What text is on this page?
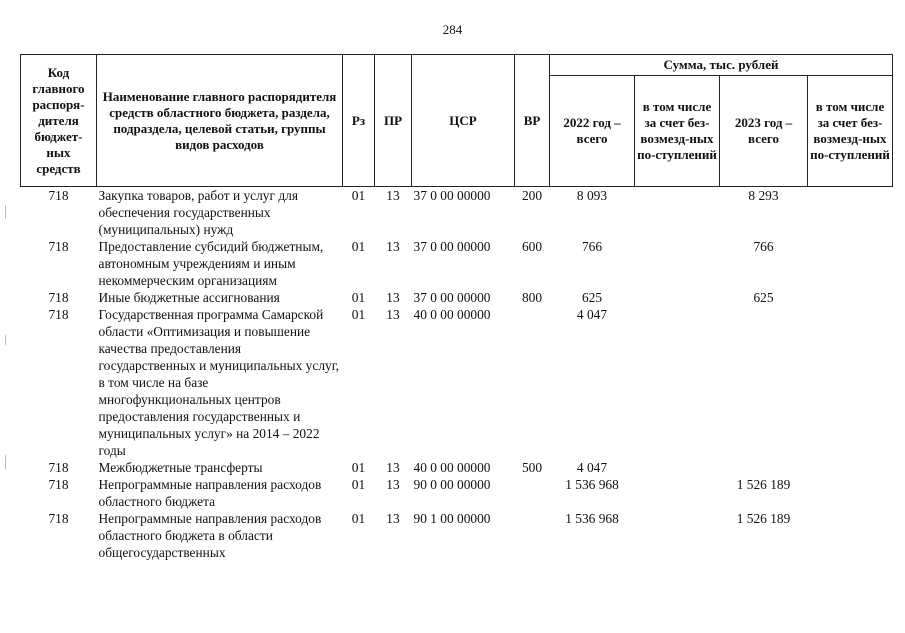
284
Код главного распоря-дителя бюджет-ных средств	Наименование главного распорядителя средств областного бюджета, раздела, подраздела, целевой статьи, группы видов расходов	Рз	ПР	ЦСР	ВР	Сумма, тыс. рублей			
						2022 год – всего	в том числе за счет без-возмезд-ных по-ступлений	2023 год – всего	в том числе за счет без-возмезд-ных по-ступлений
718	Закупка товаров, работ и услуг для обеспечения государственных (муниципальных) нужд	01	13	37 0 00 00000	200	8 093		8 293	
718	Предоставление субсидий бюджетным, автономным учреждениям и иным некоммерческим организациям	01	13	37 0 00 00000	600	766		766	
718	Иные бюджетные ассигнования	01	13	37 0 00 00000	800	625		625	
718	Государственная программа Самарской области «Оптимизация и повышение качества предоставления государственных и муниципальных услуг, в том числе на базе многофункциональных центров предоставления государственных и муниципальных услуг» на 2014 – 2022 годы	01	13	40 0 00 00000		4 047			
718	Межбюджетные трансферты	01	13	40 0 00 00000	500	4 047			
718	Непрограммные направления расходов областного бюджета	01	13	90 0 00 00000		1 536 968		1 526 189	
718	Непрограммные направления расходов областного бюджета в области общегосударственных	01	13	90 1 00 00000		1 536 968		1 526 189	
